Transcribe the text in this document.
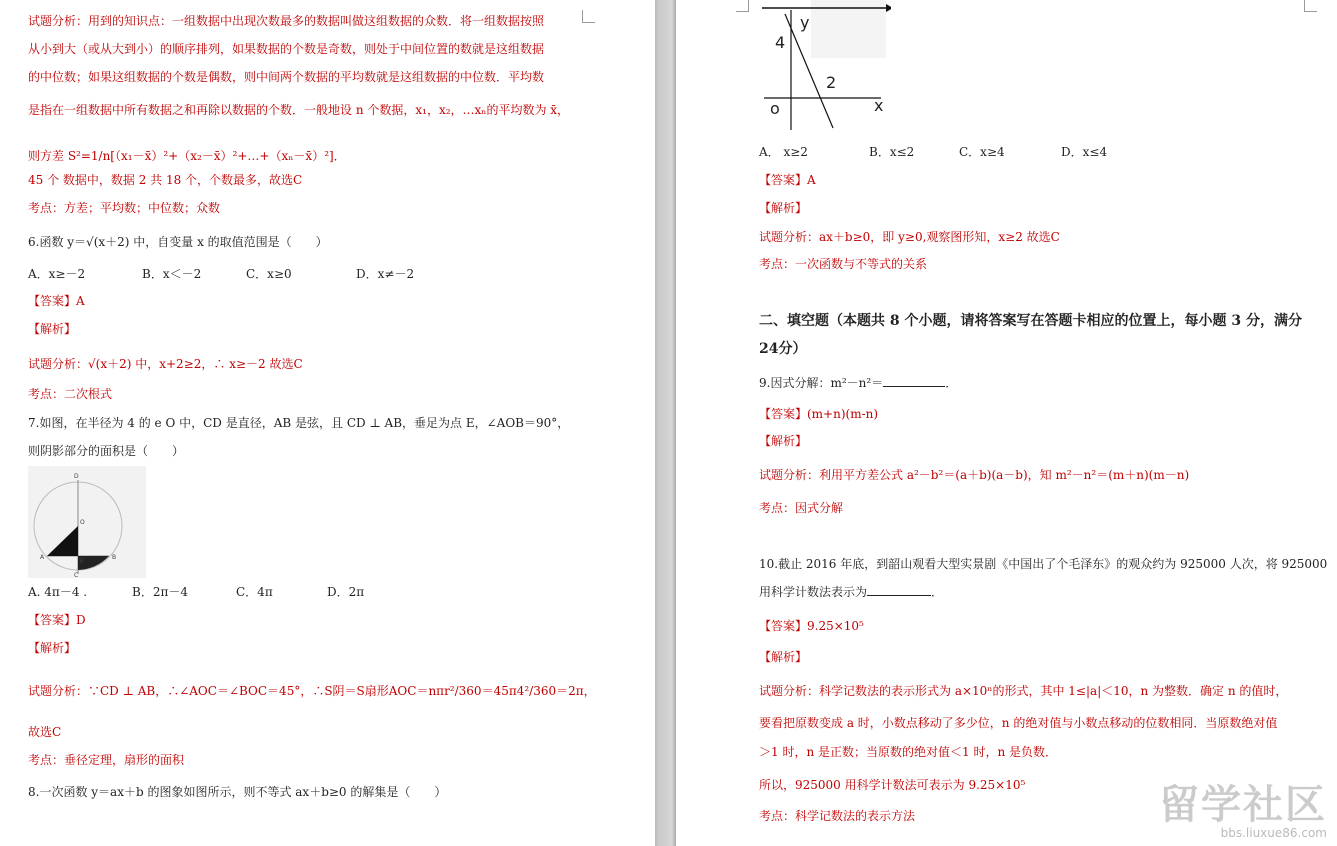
试题分析：用到的知识点：一组数据中出现次数最多的数据叫做这组数据的众数．将一组数据按照
从小到大（或从大到小）的顺序排列，如果数据的个数是奇数，则处于中间位置的数就是这组数据
的中位数；如果这组数据的个数是偶数，则中间两个数据的平均数就是这组数据的中位数．平均数
是指在一组数据中所有数据之和再除以数据的个数．一般地设 n 个数据，x₁，x₂，…xₙ的平均数为 x̄，
则方差 S²=1/n[（x₁－x̄）²+（x₂－x̄）²+…+（xₙ－x̄）²]．
45 个 数据中，数据 2 共 18 个，个数最多，故选C
考点：方差；平均数；中位数；众数
6.函数 y＝√(x＋2) 中，自变量 x 的取值范围是（　　）
A．x≥－2	B．x＜－2	C．x≥0	D．x≠－2
【答案】A
【解析】
试题分析：√(x＋2) 中，x+2≥2，∴ x≥－2 故选C
考点：二次根式
7.如图，在半径为 4 的 e O 中，CD 是直径，AB 是弦，且 CD ⊥ AB，垂足为点 E，∠AOB＝90°，
则阴影部分的面积是（　　）
D
O
A
E
B
C
A. 4π－4 .	B．2π－4	C．4π	D．2π
【答案】D
【解析】
试题分析：∵CD ⊥ AB，∴∠AOC＝∠BOC＝45°，∴S阴＝S扇形AOC＝nπr²/360＝45π4²/360＝2π，
故选C
考点：垂径定理，扇形的面积
8.一次函数 y＝ax＋b 的图象如图所示，则不等式 ax＋b≥0 的解集是（　　）
y
4
2
o	x
A． x≥2	B．x≤2	C．x≥4	D．x≤4
【答案】A
【解析】
试题分析：ax＋b≥0，即 y≥0,观察图形知，x≥2 故选C
考点：一次函数与不等式的关系
二、填空题（本题共 8 个小题，请将答案写在答题卡相应的位置上，每小题 3 分，满分
24分）
9.因式分解：m²－n²＝	．
【答案】(m+n)(m-n)
【解析】
试题分析：利用平方差公式 a²－b²＝(a＋b)(a－b)，知 m²－n²＝(m＋n)(m－n)
考点：因式分解
10.截止 2016 年底，到韶山观看大型实景剧《中国出了个毛泽东》的观众约为 925000 人次，将 925000
用科学计数法表示为	．
【答案】9.25×10⁵
【解析】
试题分析：科学记数法的表示形式为 a×10ⁿ的形式，其中 1≤|a|＜10，n 为整数．确定 n 的值时，
要看把原数变成 a 时，小数点移动了多少位，n 的绝对值与小数点移动的位数相同．当原数绝对值
＞1 时，n 是正数；当原数的绝对值＜1 时，n 是负数．
所以，925000 用科学计数法可表示为 9.25×10⁵
考点：科学记数法的表示方法	留学社区
bbs.liuxue86.com
